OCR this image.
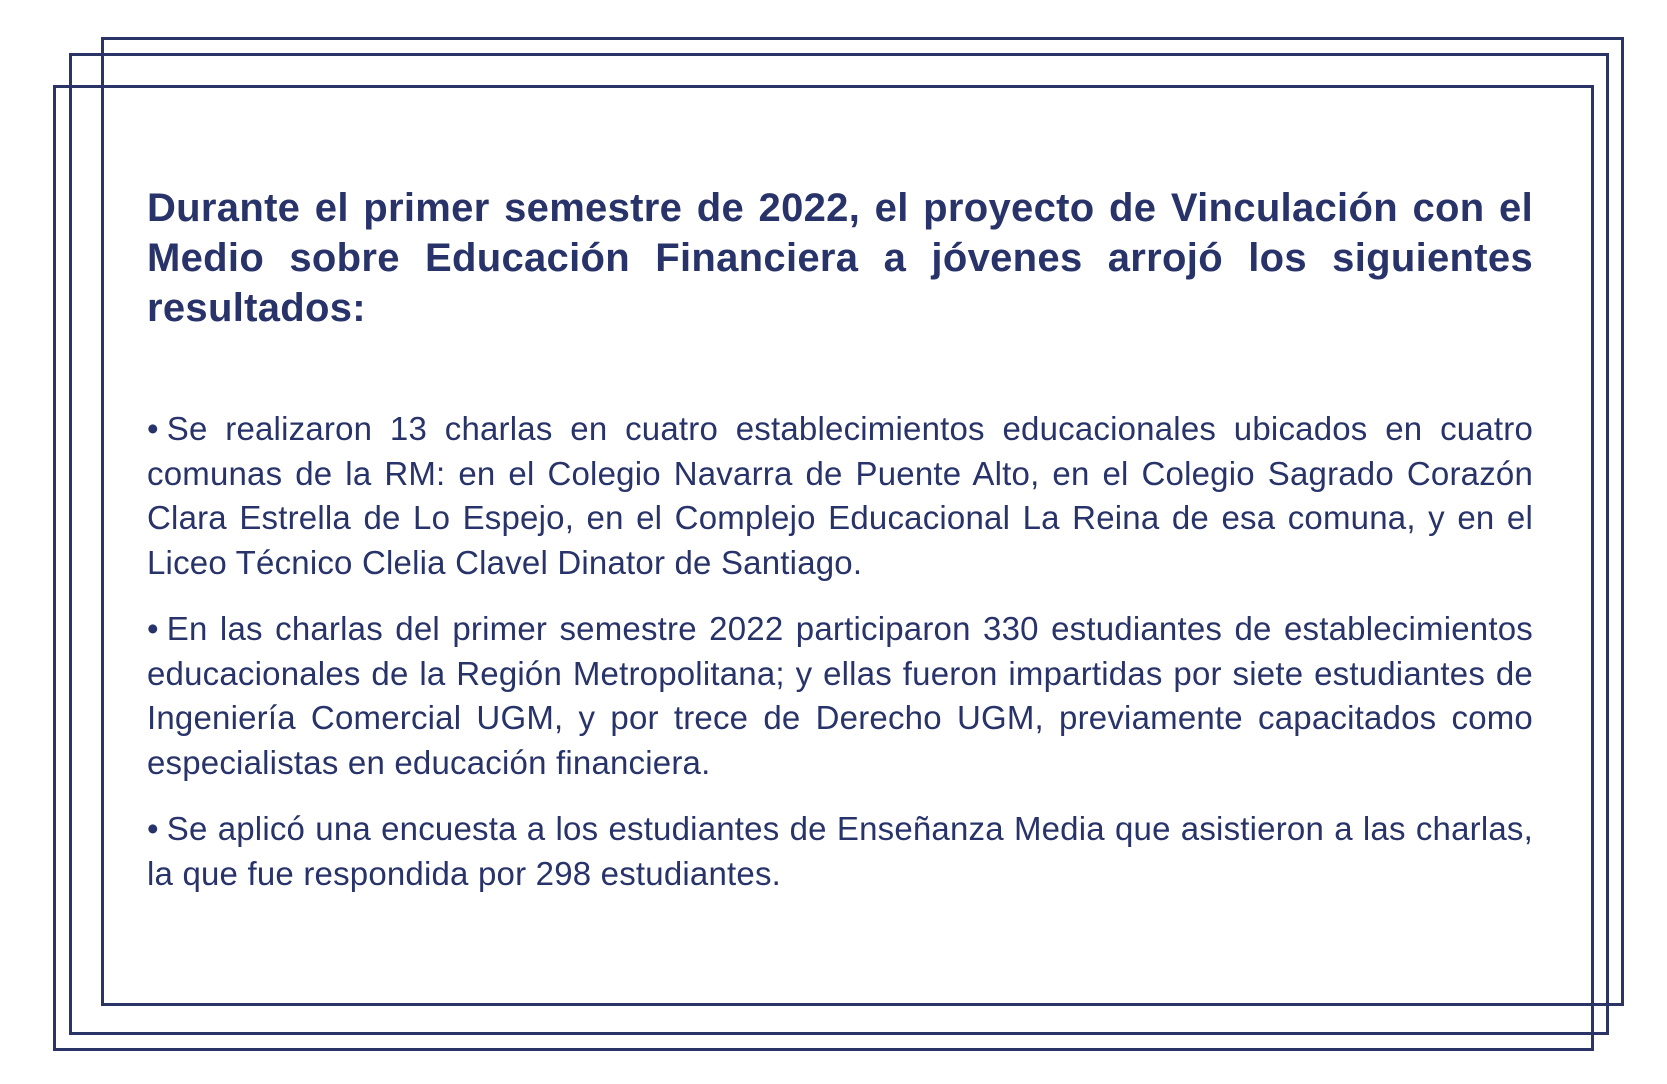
Durante el primer semestre de 2022, el proyecto de Vinculación con el Medio sobre Educación Financiera a jóvenes arrojó los siguientes resultados:

• Se realizaron 13 charlas en cuatro establecimientos educacionales ubicados en cuatro comunas de la RM: en el Colegio Navarra de Puente Alto, en el Colegio Sagrado Corazón Clara Estrella de Lo Espejo, en el Complejo Educacional La Reina de esa comuna, y en el Liceo Técnico Clelia Clavel Dinator de Santiago.

• En las charlas del primer semestre 2022 participaron 330 estudiantes de establecimientos educacionales de la Región Metropolitana; y ellas fueron impartidas por siete estudiantes de Ingeniería Comercial UGM, y por trece de Derecho UGM, previamente capacitados como especialistas en educación financiera.

• Se aplicó una encuesta a los estudiantes de Enseñanza Media que asistieron a las charlas, la que fue respondida por 298 estudiantes.
